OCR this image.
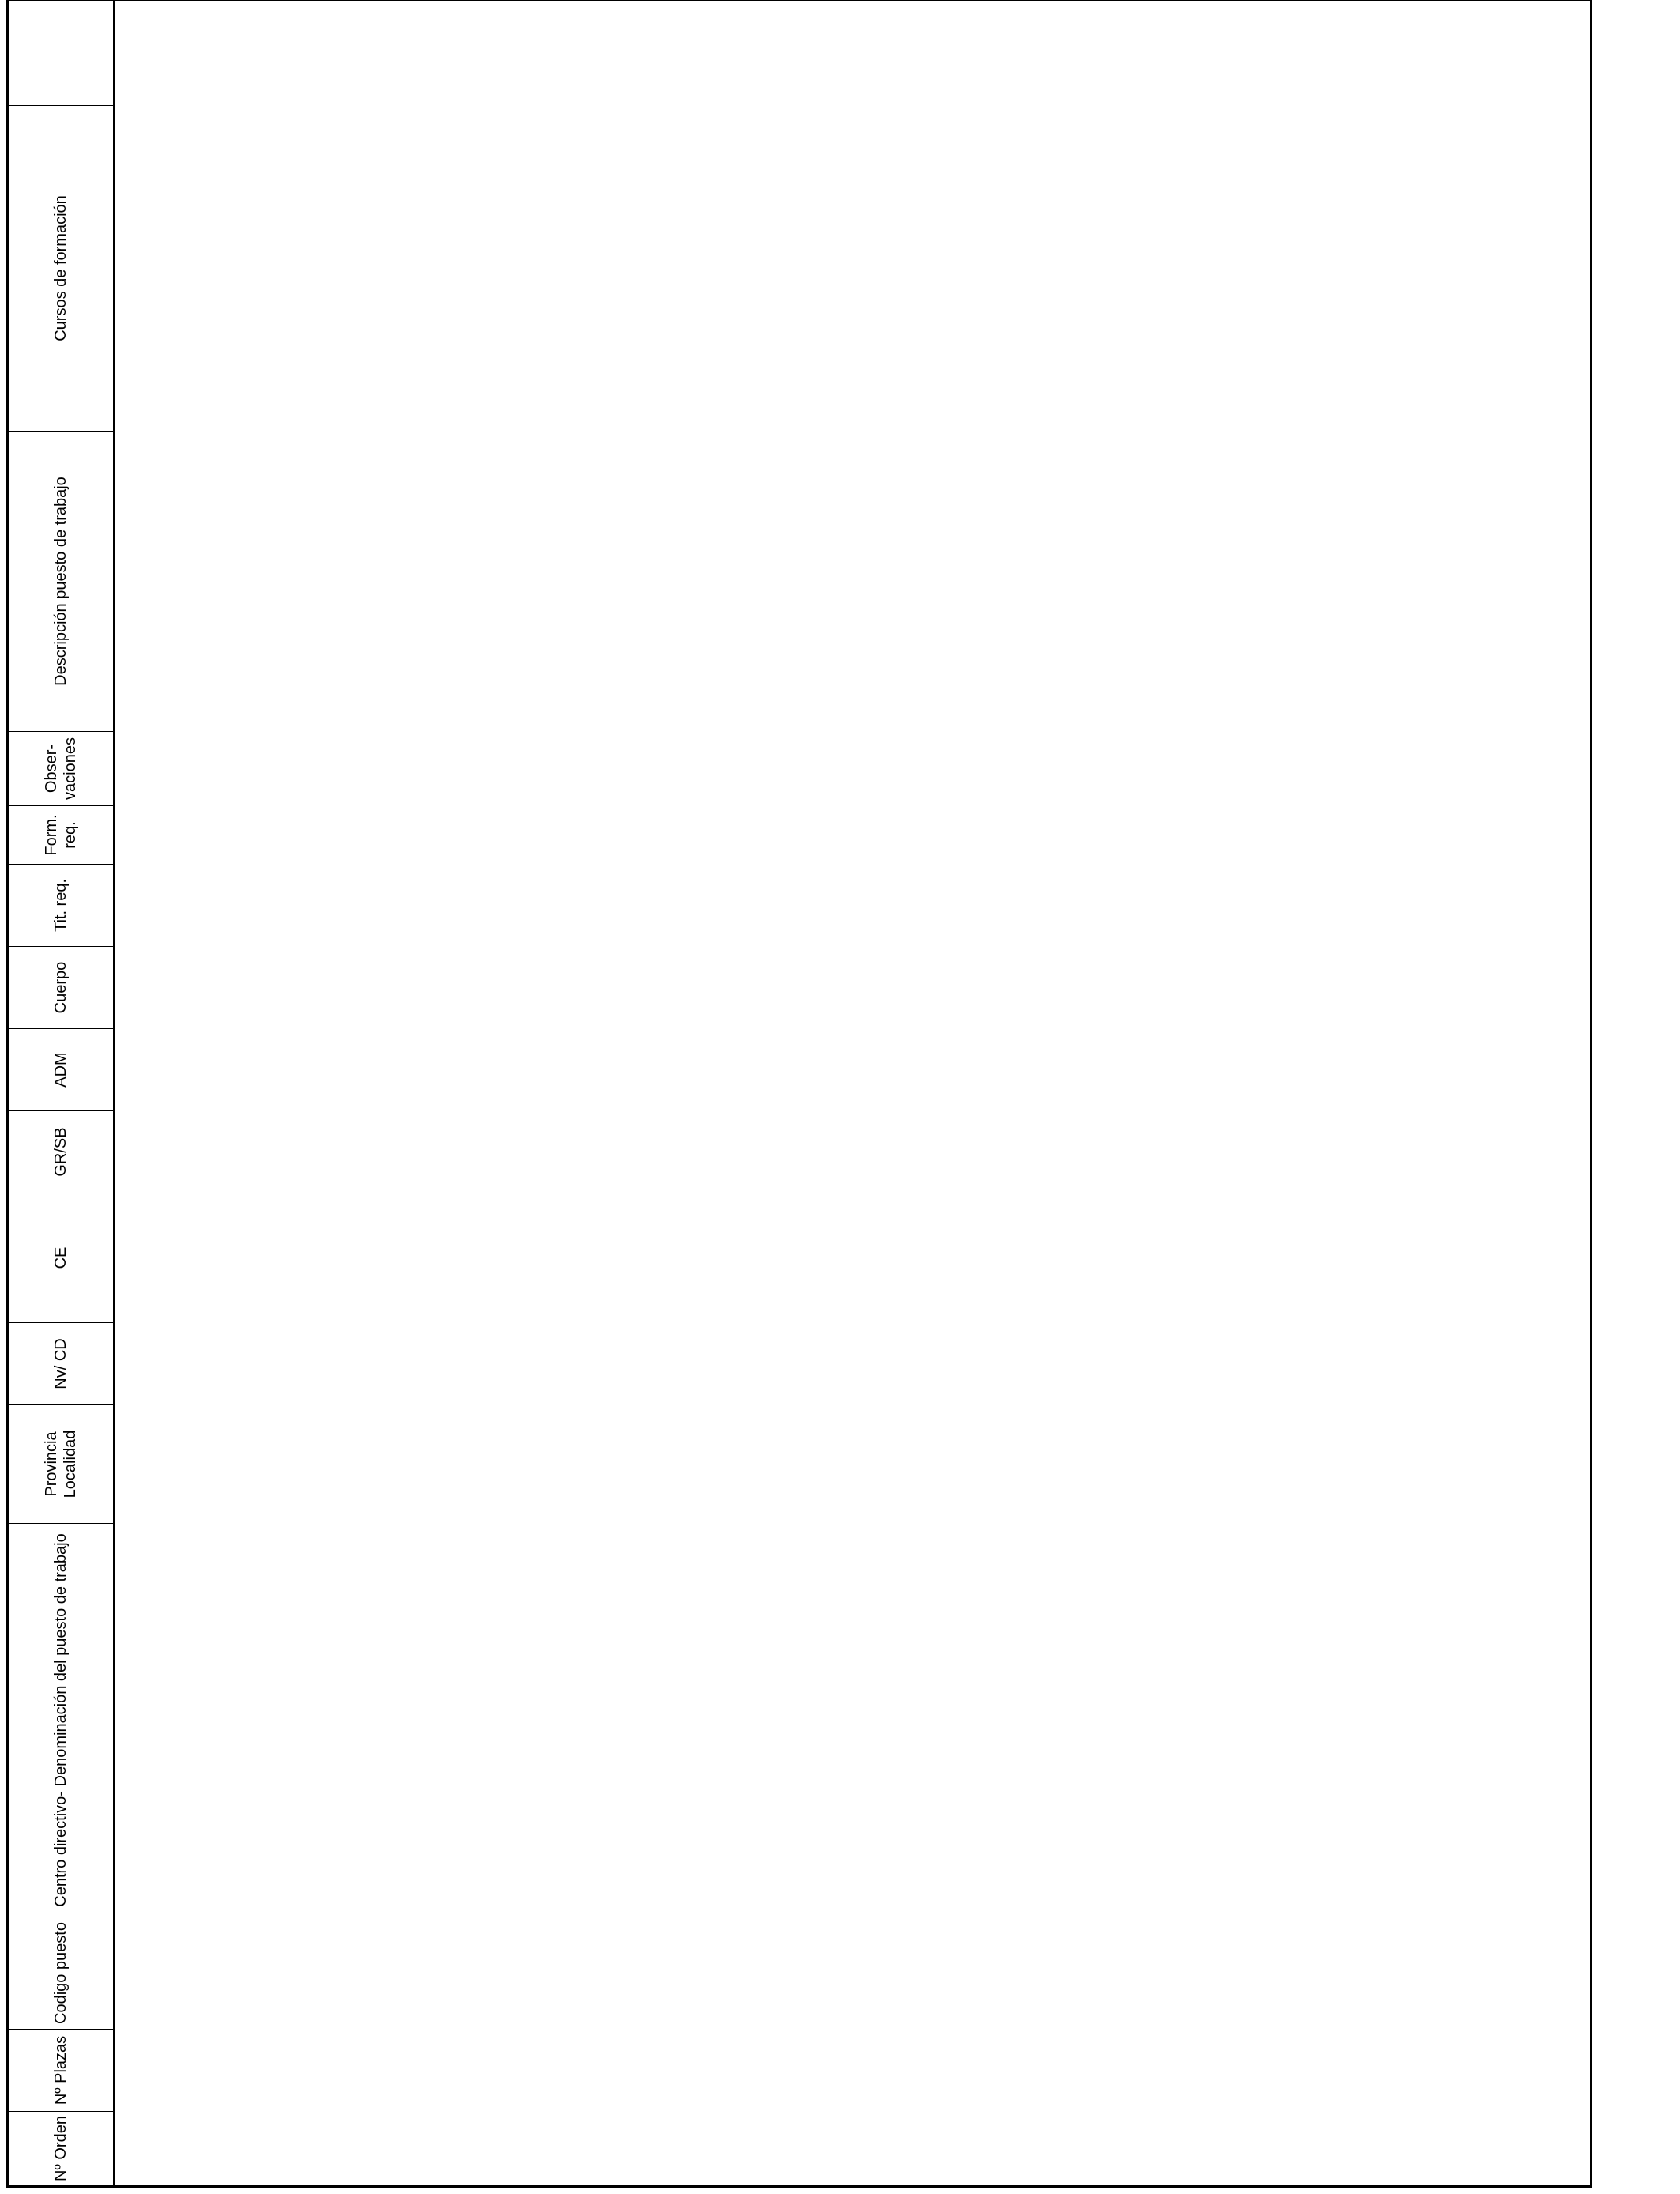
Nº Orden
Nº Plazas
Codigo puesto
Centro directivo- Denominación del puesto de trabajo
Provincia Localidad
Nv/ CD
CE
GR/SB
ADM
Cuerpo
Tit. req.
Form. req.
Obser- vaciones
Descripción puesto de trabajo
Cursos de formación
